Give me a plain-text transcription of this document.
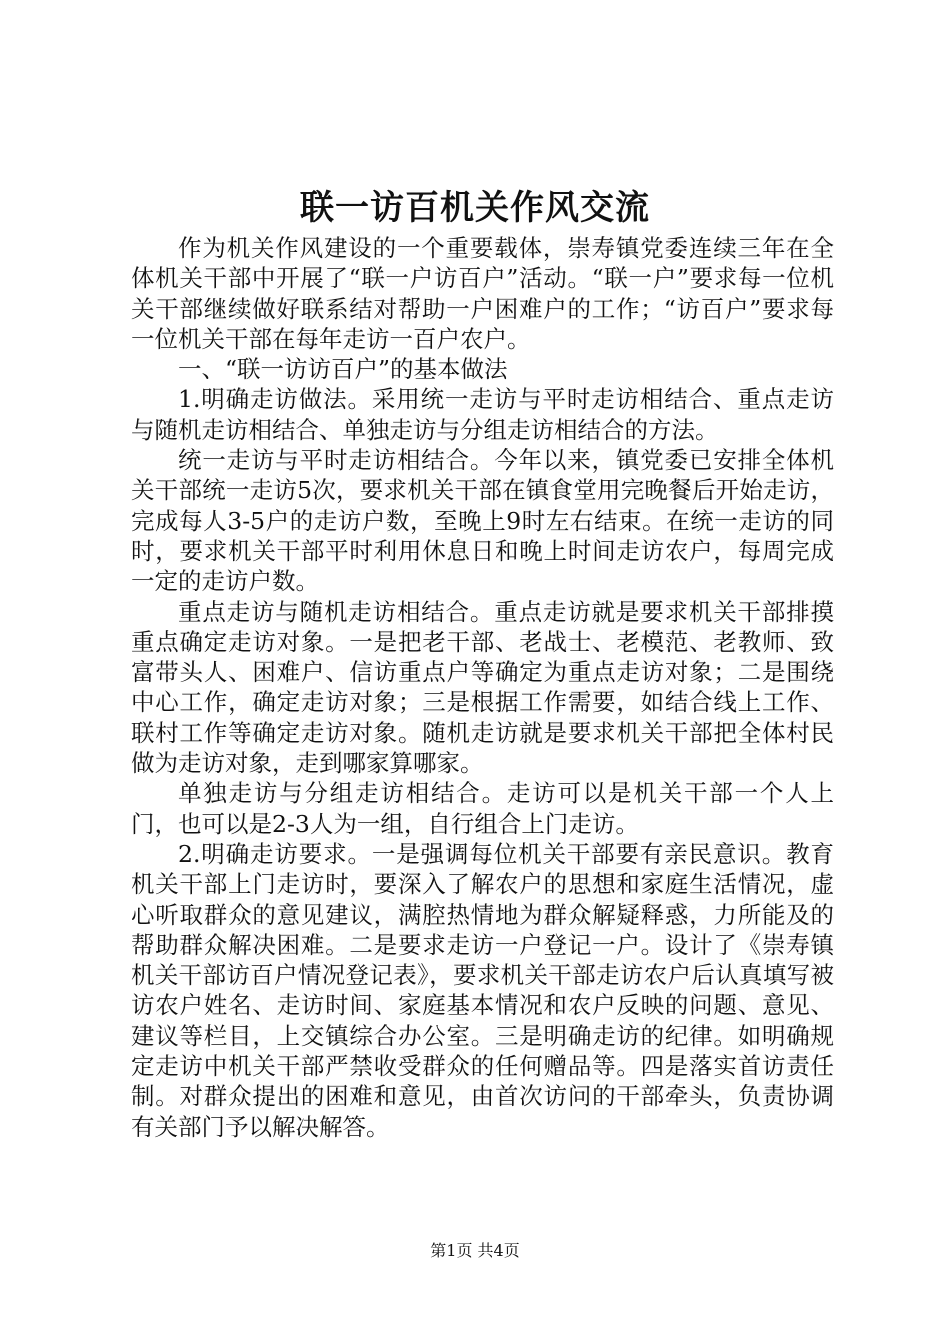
联一访百机关作风交流

作为机关作风建设的一个重要载体，崇寿镇党委连续三年在全体机关干部中开展了“联一户访百户”活动。“联一户”要求每一位机关干部继续做好联系结对帮助一户困难户的工作；“访百户”要求每一位机关干部在每年走访一百户农户。

一、“联一访访百户”的基本做法

1.明确走访做法。采用统一走访与平时走访相结合、重点走访与随机走访相结合、单独走访与分组走访相结合的方法。

统一走访与平时走访相结合。今年以来，镇党委已安排全体机关干部统一走访5次，要求机关干部在镇食堂用完晚餐后开始走访，完成每人3-5户的走访户数，至晚上9时左右结束。在统一走访的同时，要求机关干部平时利用休息日和晚上时间走访农户，每周完成一定的走访户数。

重点走访与随机走访相结合。重点走访就是要求机关干部排摸重点确定走访对象。一是把老干部、老战士、老模范、老教师、致富带头人、困难户、信访重点户等确定为重点走访对象；二是围绕中心工作，确定走访对象；三是根据工作需要，如结合线上工作、联村工作等确定走访对象。随机走访就是要求机关干部把全体村民做为走访对象，走到哪家算哪家。

单独走访与分组走访相结合。走访可以是机关干部一个人上门，也可以是2-3人为一组，自行组合上门走访。

2.明确走访要求。一是强调每位机关干部要有亲民意识。教育机关干部上门走访时，要深入了解农户的思想和家庭生活情况，虚心听取群众的意见建议，满腔热情地为群众解疑释惑，力所能及的帮助群众解决困难。二是要求走访一户登记一户。设计了《崇寿镇机关干部访百户情况登记表》，要求机关干部走访农户后认真填写被访农户姓名、走访时间、家庭基本情况和农户反映的问题、意见、建议等栏目，上交镇综合办公室。三是明确走访的纪律。如明确规定走访中机关干部严禁收受群众的任何赠品等。四是落实首访责任制。对群众提出的困难和意见，由首次访问的干部牵头，负责协调有关部门予以解决解答。

第1页 共4页
